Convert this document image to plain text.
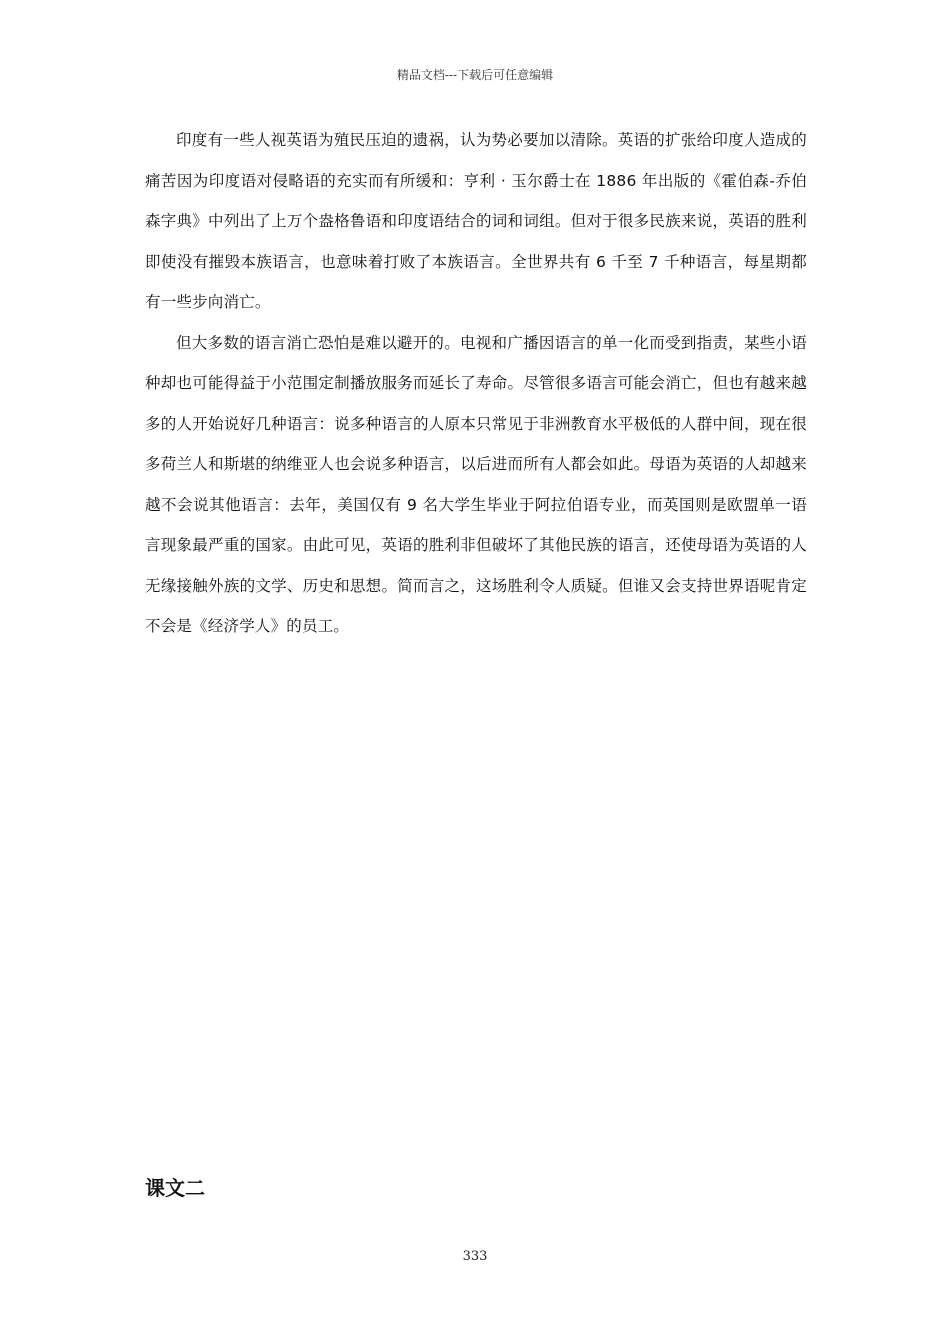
精品文档---下载后可任意编辑

印度有一些人视英语为殖民压迫的遗祸，认为势必要加以清除。英语的扩张给印度人造成的痛苦因为印度语对侵略语的充实而有所缓和：亨利 · 玉尔爵士在 1886 年出版的《霍伯森-乔伯森字典》中列出了上万个盎格鲁语和印度语结合的词和词组。但对于很多民族来说，英语的胜利即使没有摧毁本族语言，也意味着打败了本族语言。全世界共有 6 千至 7 千种语言，每星期都有一些步向消亡。

但大多数的语言消亡恐怕是难以避开的。电视和广播因语言的单一化而受到指责，某些小语种却也可能得益于小范围定制播放服务而延长了寿命。尽管很多语言可能会消亡，但也有越来越多的人开始说好几种语言：说多种语言的人原本只常见于非洲教育水平极低的人群中间，现在很多荷兰人和斯堪的纳维亚人也会说多种语言，以后进而所有人都会如此。母语为英语的人却越来越不会说其他语言：去年，美国仅有 9 名大学生毕业于阿拉伯语专业，而英国则是欧盟单一语言现象最严重的国家。由此可见，英语的胜利非但破坏了其他民族的语言，还使母语为英语的人无缘接触外族的文学、历史和思想。简而言之，这场胜利令人质疑。但谁又会支持世界语呢肯定不会是《经济学人》的员工。

课文二
333
